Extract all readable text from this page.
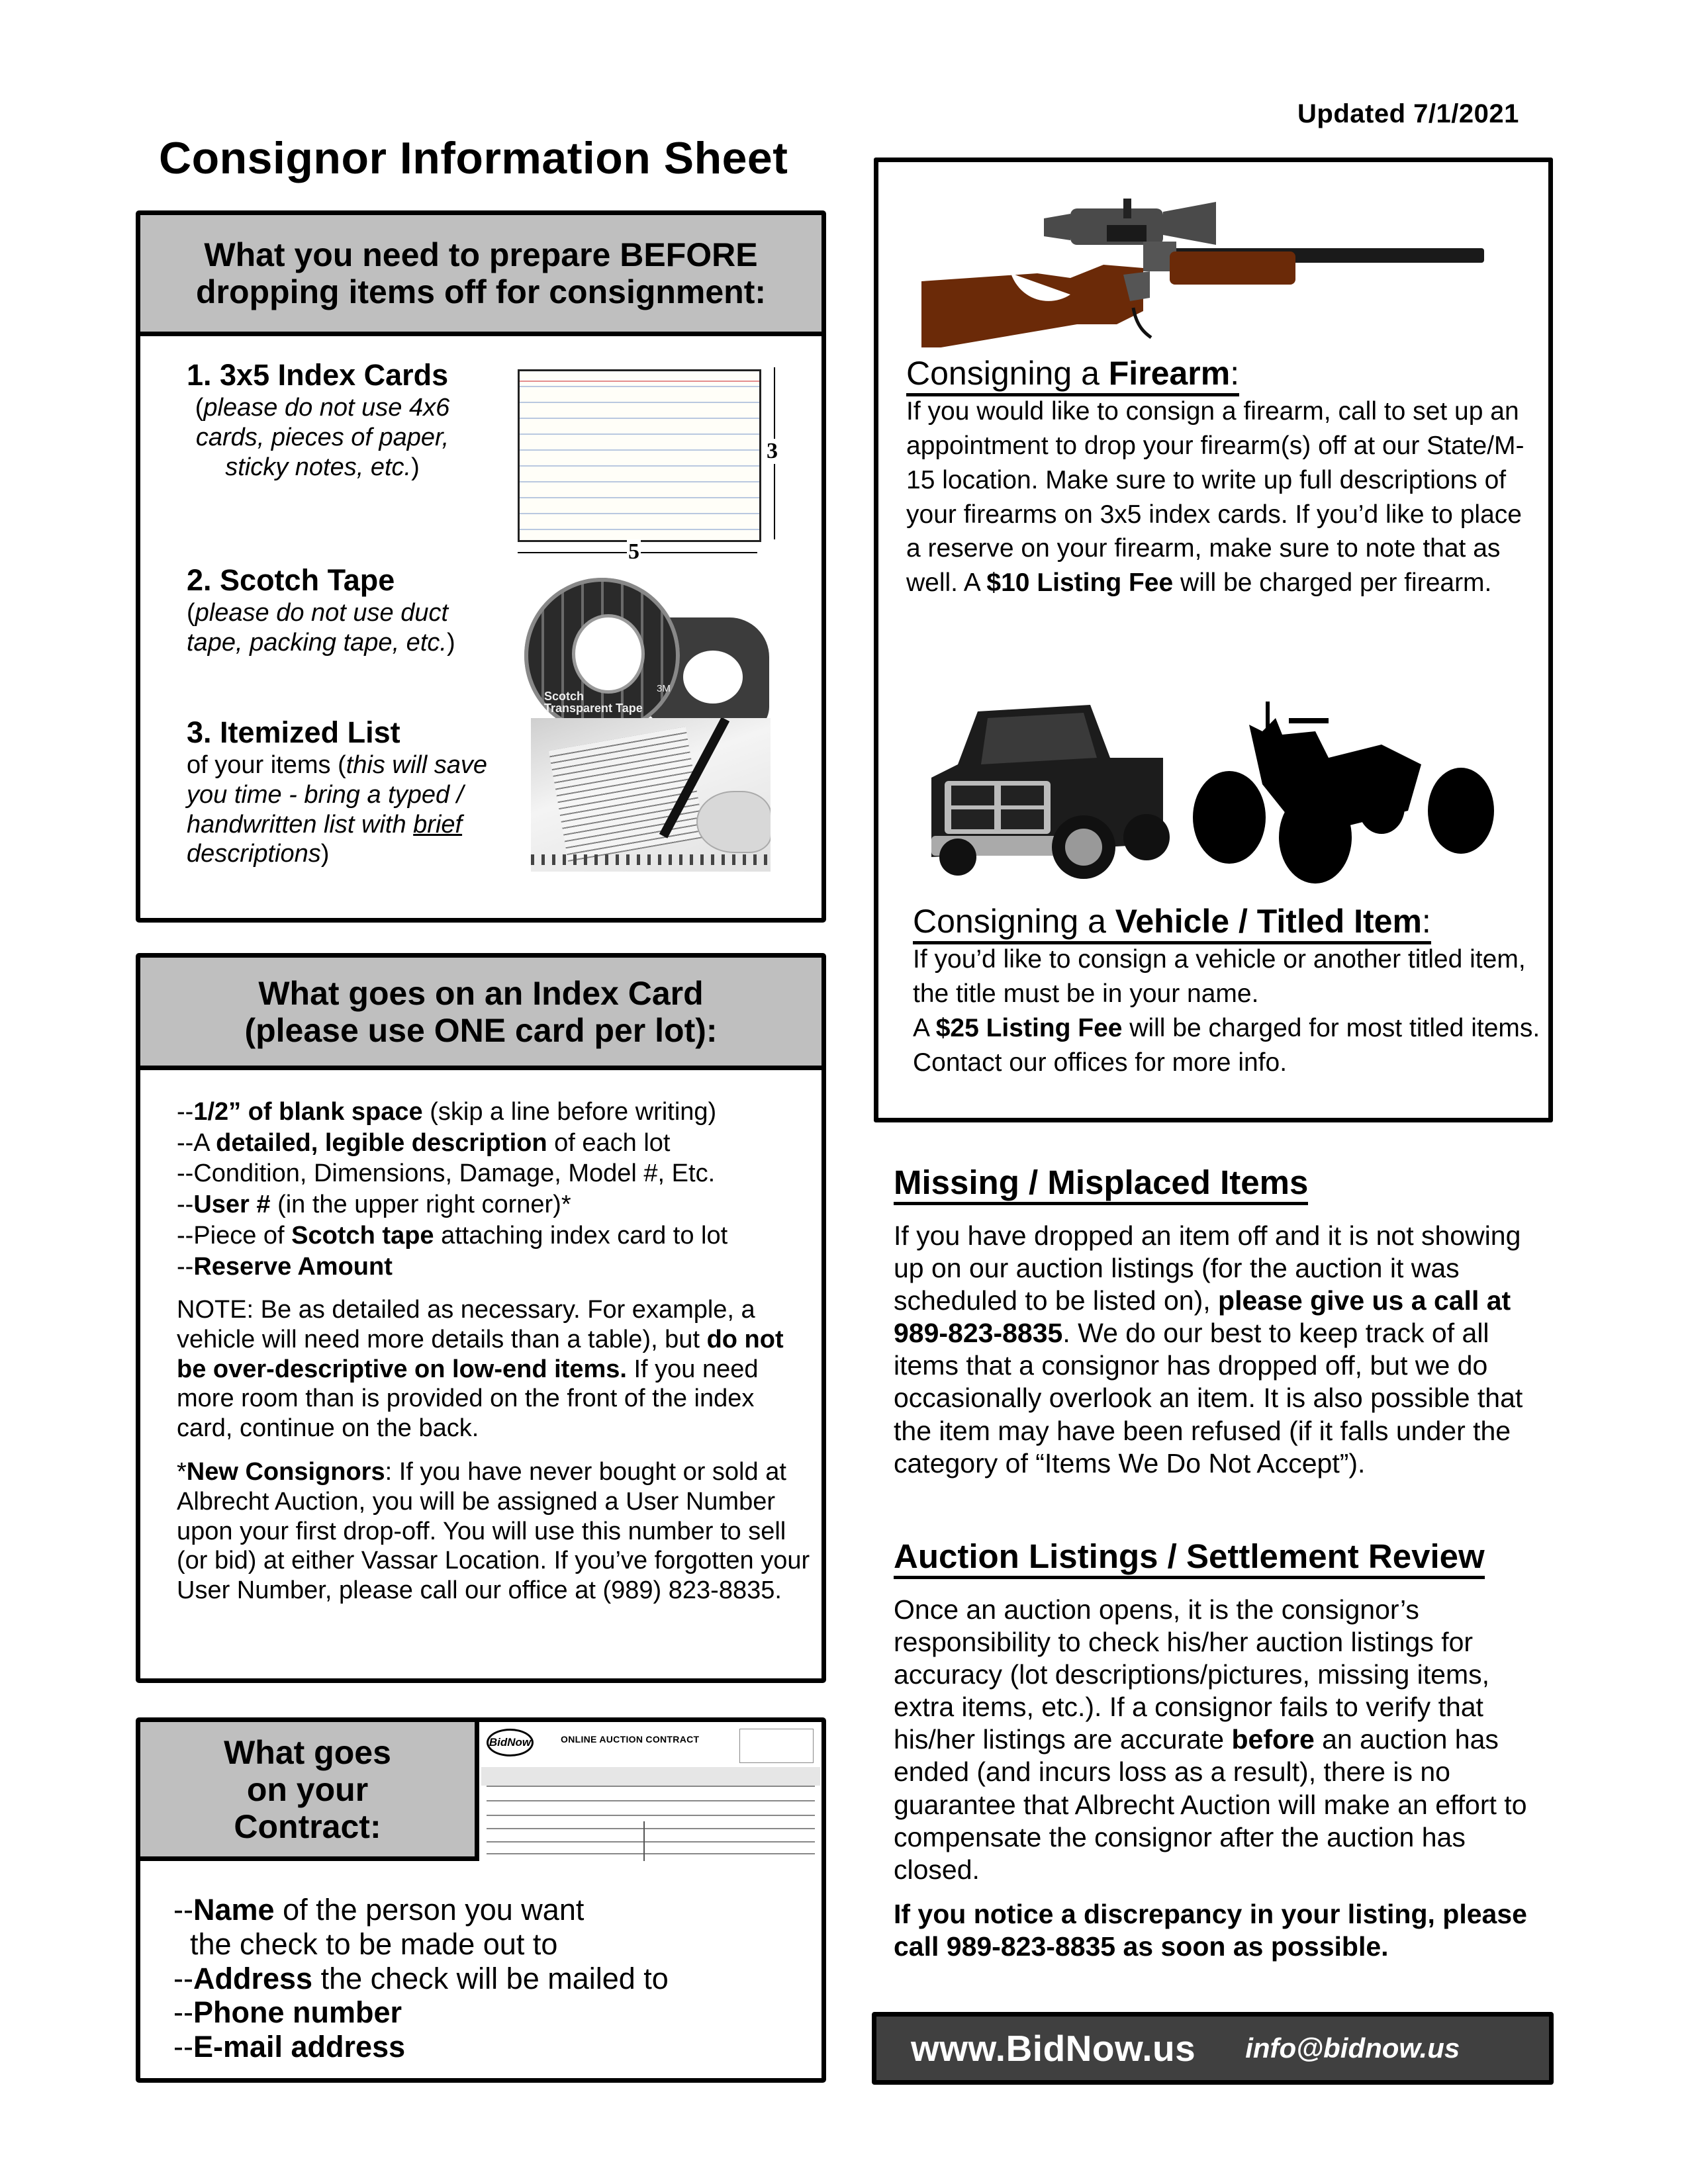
Updated 7/1/2021
Consignor Information Sheet
What you need to prepare BEFORE
dropping items off for consignment:
1. 3x5 Index Cards
(please do not use 4x6 cards, pieces of paper, sticky notes, etc.)
3
5
2. Scotch Tape
(please do not use duct tape, packing tape, etc.)
Scotch
Transparent Tape
3M
3. Itemized List
of your items (this will save you time - bring a typed / handwritten list with brief descriptions)
What goes on an Index Card
(please use ONE card per lot):
--1/2” of blank space (skip a line before writing)
--A detailed, legible description of each lot
--Condition, Dimensions, Damage, Model #, Etc.
--User # (in the upper right corner)*
--Piece of Scotch tape attaching index card to lot
--Reserve Amount
NOTE: Be as detailed as necessary. For example, a vehicle will need more details than a table), but do not be over-descriptive on low-end items. If you need more room than is provided on the front of the index card, continue on the back.
*New Consignors: If you have never bought or sold at Albrecht Auction, you will be assigned a User Number upon your first drop-off. You will use this number to sell (or bid) at either Vassar Location. If you’ve forgotten your User Number, please call our office at (989) 823-8835.
What goes
on your
Contract:
BidNow	ONLINE AUCTION CONTRACT
--Name of the person you want
the check to be made out to
--Address the check will be mailed to
--Phone number
--E-mail address
Consigning a Firearm:
If you would like to consign a firearm, call to set up an appointment to drop your firearm(s) off at our State/M-15 location. Make sure to write up full descriptions of your firearms on 3x5 index cards. If you’d like to place a reserve on your firearm, make sure to note that as well. A $10 Listing Fee will be charged per firearm.
Consigning a Vehicle / Titled Item:
If you’d like to consign a vehicle or another titled item, the title must be in your name.
A $25 Listing Fee will be charged for most titled items. Contact our offices for more info.
Missing / Misplaced Items
If you have dropped an item off and it is not showing up on our auction listings (for the auction it was scheduled to be listed on), please give us a call at 989-823-8835. We do our best to keep track of all items that a consignor has dropped off, but we do occasionally overlook an item. It is also possible that the item may have been refused (if it falls under the category of “Items We Do Not Accept”).
Auction Listings / Settlement Review
Once an auction opens, it is the consignor’s responsibility to check his/her auction listings for accuracy (lot descriptions/pictures, missing items, extra items, etc.). If a consignor fails to verify that his/her listings are accurate before an auction has ended (and incurs loss as a result), there is no guarantee that Albrecht Auction will make an effort to compensate the consignor after the auction has closed.
If you notice a discrepancy in your listing, please call 989-823-8835 as soon as possible.
www.BidNow.us info@bidnow.us
